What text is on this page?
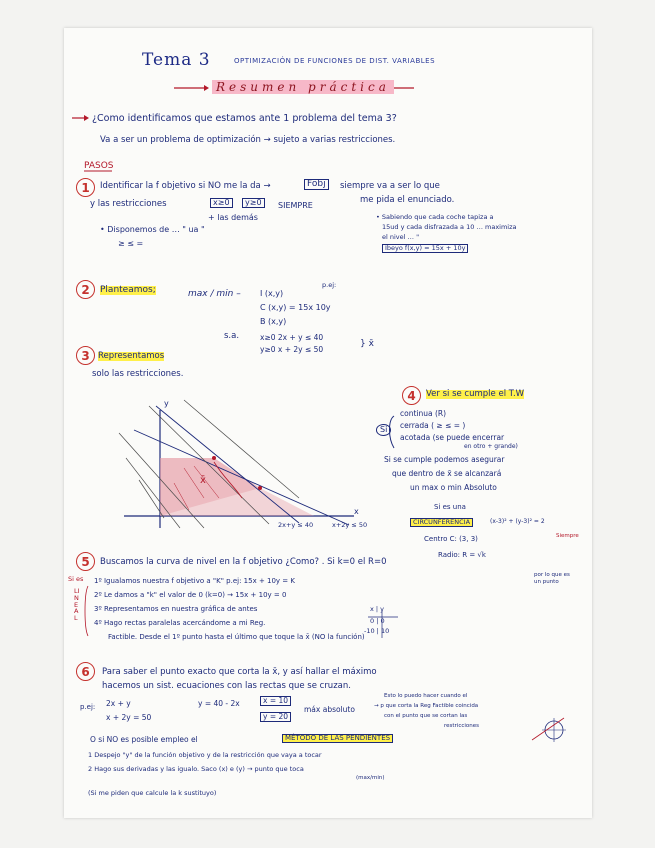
Tema 3	OPTIMIZACIÓN DE FUNCIONES DE DIST. VARIABLES
Resumen práctica
¿Como identificamos que estamos ante 1 problema del tema 3?
Va a ser un problema de optimización → sujeto a varias restricciones.
PASOS
1	Identificar la f objetivo si NO me la da →	Fobj	siempre va a ser lo que
me pida el enunciado.
y las restricciones	x≥0	y≥0	SIEMPRE
+ las demás
• Disponemos de … " ua "
≥ ≤ =
• Sabiendo que cada coche tapiza a
15ud y cada disfrazada a 10 … maximiza
el nivel … "
Ibeyo f(x,y) = 15x + 10y
2	Planteamos;	max / min –
p.ej:
I (x,y)
C (x,y) = 15x 10y
B (x,y)
s.a.	x≥0 2x + y ≤ 40
y≥0 x + 2y ≤ 50
} x̄
3 Representamos
solo las restricciones.
y
x
x̄
2x+y ≤ 40	x+2y ≤ 50
4	Ver si se cumple el T.W
Si
continua (R)
cerrada ( ≥ ≤ = )
acotada (se puede encerrar
en otro + grande)
Si se cumple podemos asegurar
que dentro de x̄ se alcanzará
un max o min Absoluto
Si es una
CIRCUNFERENCIA	(x-3)² + (y-3)² = 2
Centro C: (3, 3)	Siempre
Radio: R = √k
5	Buscamos la curva de nivel en la f objetivo ¿Como? . Si k=0 el R=0
por lo que es un punto
Si es
LINEAL
1º Igualamos nuestra f objetivo a "K" p.ej: 15x + 10y = K
2º Le damos a "k" el valor de 0 (k=0) → 15x + 10y = 0
3º Representamos en nuestra gráfica de antes
4º Hago rectas paralelas acercándome a mi Reg.
Factible. Desde el 1º punto hasta el último que toque la x̄ (NO la función)
x | y
0 | 0
-10 | 10
6	Para saber el punto exacto que corta la x̄, y así hallar el máximo
hacemos un sist. ecuaciones con las rectas que se cruzan.
p.ej: 2x + y
x + 2y = 50
y = 40 - 2x	x = 10
y = 20
máx absoluto
Esto lo puedo hacer cuando el
→ p que corta la Reg Factible coincida
con el punto que se cortan las
restricciones
O si NO es posible empleo el	MÉTODO DE LAS PENDIENTES
1 Despejo "y" de la función objetivo y de la restricción que vaya a tocar
2 Hago sus derivadas y las igualo. Saco (x) e (y) → punto que toca
(max/min)
(Si me piden que calcule la k sustituyo)
